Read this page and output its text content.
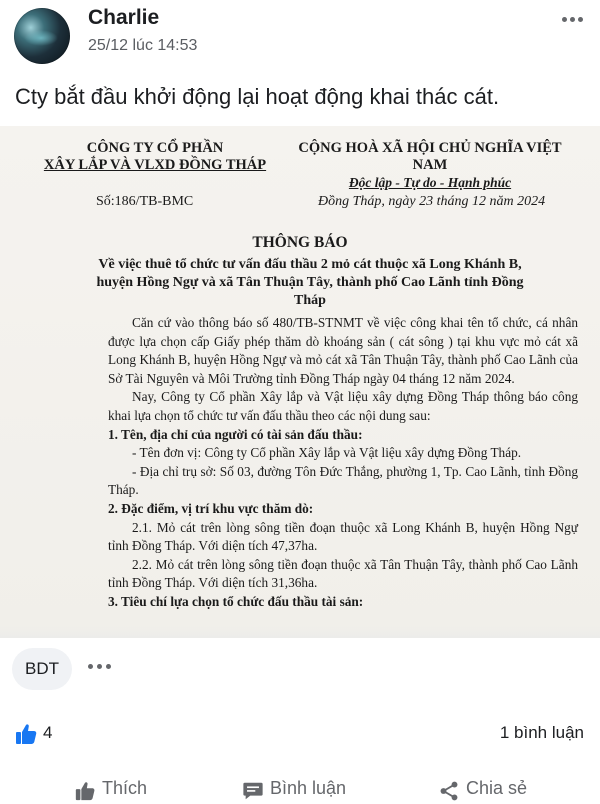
Charlie
25/12 lúc 14:53
Cty bắt đầu khởi động lại hoạt động khai thác cát.
CÔNG TY CỔ PHẦN
XÂY LẮP VÀ VLXD ĐỒNG THÁP
CỘNG HOÀ XÃ HỘI CHỦ NGHĨA VIỆT NAM
Độc lập - Tự do - Hạnh phúc
Số:186/TB-BMC	Đồng Tháp, ngày 23 tháng 12 năm 2024
THÔNG BÁO
Về việc thuê tổ chức tư vấn đấu thầu 2 mỏ cát thuộc xã Long Khánh B, huyện Hồng Ngự và xã Tân Thuận Tây, thành phố Cao Lãnh tỉnh Đồng Tháp

Căn cứ vào thông báo số 480/TB-STNMT về việc công khai tên tổ chức, cá nhân được lựa chọn cấp Giấy phép thăm dò khoáng sản ( cát sông ) tại khu vực mỏ cát xã Long Khánh B, huyện Hồng Ngự và mỏ cát xã Tân Thuận Tây, thành phố Cao Lãnh của Sở Tài Nguyên và Môi Trường tỉnh Đồng Tháp ngày 04 tháng 12 năm 2024.

Nay, Công ty Cổ phần Xây lắp và Vật liệu xây dựng Đồng Tháp thông báo công khai lựa chọn tổ chức tư vấn đấu thầu theo các nội dung sau:

1. Tên, địa chỉ của người có tài sản đấu thầu:

- Tên đơn vị: Công ty Cổ phần Xây lắp và Vật liệu xây dựng Đồng Tháp.

- Địa chỉ trụ sở: Số 03, đường Tôn Đức Thắng, phường 1, Tp. Cao Lãnh, tỉnh Đồng Tháp.

2. Đặc điểm, vị trí khu vực thăm dò:

2.1. Mỏ cát trên lòng sông tiền đoạn thuộc xã Long Khánh B, huyện Hồng Ngự tỉnh Đồng Tháp. Với diện tích 47,37ha.

2.2. Mỏ cát trên lòng sông tiền đoạn thuộc xã Tân Thuận Tây, thành phố Cao Lãnh tỉnh Đồng Tháp. Với diện tích 31,36ha.

3. Tiêu chí lựa chọn tổ chức đấu thầu tài sản:

BDT
4	1 bình luận
Thích	Bình luận	Chia sẻ
